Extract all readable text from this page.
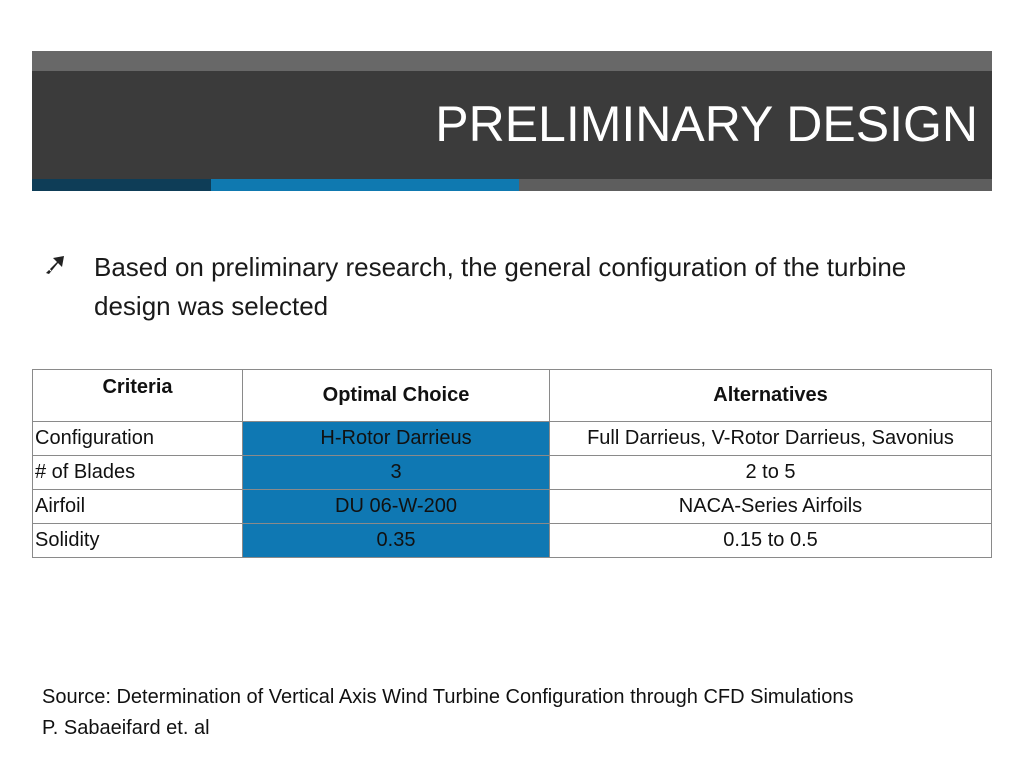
PRELIMINARY DESIGN

Based on preliminary research, the general configuration of the turbine design was selected

Criteria	Optimal Choice	Alternatives
Configuration	H-Rotor Darrieus	Full Darrieus, V-Rotor Darrieus, Savonius
# of Blades	3	2 to 5
Airfoil	DU 06-W-200	NACA-Series Airfoils
Solidity	0.35	0.15 to 0.5

Source: Determination of Vertical Axis Wind Turbine Configuration through CFD Simulations
P. Sabaeifard et. al
